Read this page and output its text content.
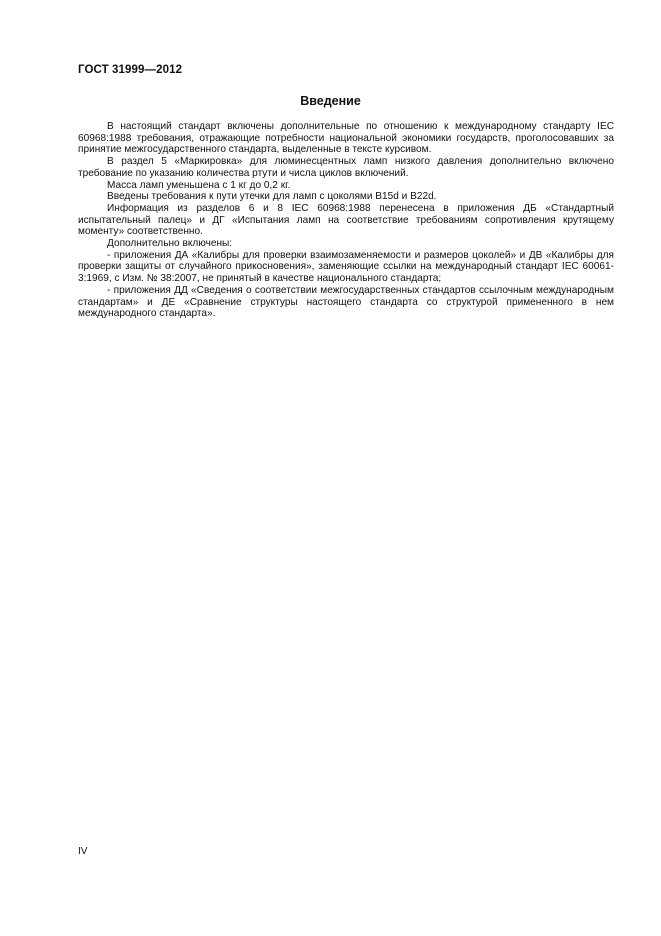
ГОСТ 31999—2012
Введение

В настоящий стандарт включены дополнительные по отношению к международному стандарту IEC 60968:1988 требования, отражающие потребности национальной экономики государств, проголосовавших за принятие межгосударственного стандарта, выделенные в тексте курсивом.

В раздел 5 «Маркировка» для люминесцентных ламп низкого давления дополнительно включено требование по указанию количества ртути и числа циклов включений.

Масса ламп уменьшена с 1 кг до 0,2 кг.

Введены требования к пути утечки для ламп с цоколями B15d и B22d.

Информация из разделов 6 и 8 IEC 60968:1988 перенесена в приложения ДБ «Стандартный испытательный палец» и ДГ «Испытания ламп на соответствие требованиям сопротивления крутящему моменту» соответственно.

Дополнительно включены:

- приложения ДА «Калибры для проверки взаимозаменяемости и размеров цоколей» и ДВ «Калибры для проверки защиты от случайного прикосновения», заменяющие ссылки на международный стандарт IEC 60061-3:1969, с Изм. № 38:2007, не принятый в качестве национального стандарта;

- приложения ДД «Сведения о соответствии межгосударственных стандартов ссылочным международным стандартам» и ДЕ «Сравнение структуры настоящего стандарта со структурой примененного в нем международного стандарта».

IV
